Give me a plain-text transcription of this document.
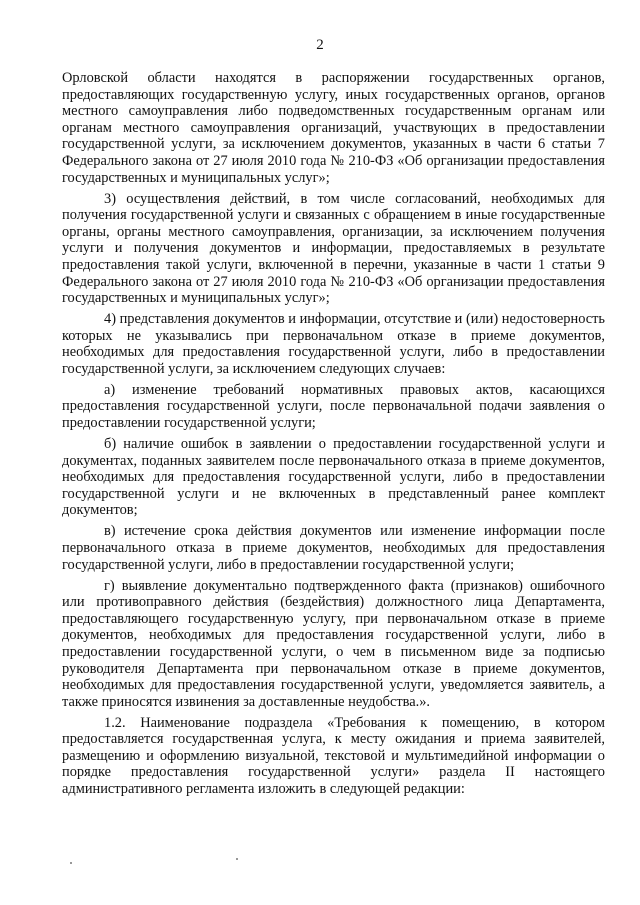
2

Орловской области находятся в распоряжении государственных органов, предоставляющих государственную услугу, иных государственных органов, органов местного самоуправления либо подведомственных государственным органам или органам местного самоуправления организаций, участвующих в предоставлении государственной услуги, за исключением документов, указанных в части 6 статьи 7 Федерального закона от 27 июля 2010 года № 210-ФЗ «Об организации предоставления государственных и муниципальных услуг»;

3) осуществления действий, в том числе согласований, необходимых для получения государственной услуги и связанных с обращением в иные государственные органы, органы местного самоуправления, организации, за исключением получения услуги и получения документов и информации, предоставляемых в результате предоставления такой услуги, включенной в перечни, указанные в части 1 статьи 9 Федерального закона от 27 июля 2010 года № 210-ФЗ «Об организации предоставления государственных и муниципальных услуг»;

4) представления документов и информации, отсутствие и (или) недостоверность которых не указывались при первоначальном отказе в приеме документов, необходимых для предоставления государственной услуги, либо в предоставлении государственной услуги, за исключением следующих случаев:

а) изменение требований нормативных правовых актов, касающихся предоставления государственной услуги, после первоначальной подачи заявления о предоставлении государственной услуги;

б) наличие ошибок в заявлении о предоставлении государственной услуги и документах, поданных заявителем после первоначального отказа в приеме документов, необходимых для предоставления государственной услуги, либо в предоставлении государственной услуги и не включенных в представленный ранее комплект документов;

в) истечение срока действия документов или изменение информации после первоначального отказа в приеме документов, необходимых для предоставления государственной услуги, либо в предоставлении государственной услуги;

г) выявление документально подтвержденного факта (признаков) ошибочного или противоправного действия (бездействия) должностного лица Департамента, предоставляющего государственную услугу, при первоначальном отказе в приеме документов, необходимых для предоставления государственной услуги, либо в предоставлении государственной услуги, о чем в письменном виде за подписью руководителя Департамента при первоначальном отказе в приеме документов, необходимых для предоставления государственной услуги, уведомляется заявитель, а также приносятся извинения за доставленные неудобства.».

1.2. Наименование подраздела «Требования к помещению, в котором предоставляется государственная услуга, к месту ожидания и приема заявителей, размещению и оформлению визуальной, текстовой и мультимедийной информации о порядке предоставления государственной услуги» раздела II настоящего административного регламента изложить в следующей редакции:
